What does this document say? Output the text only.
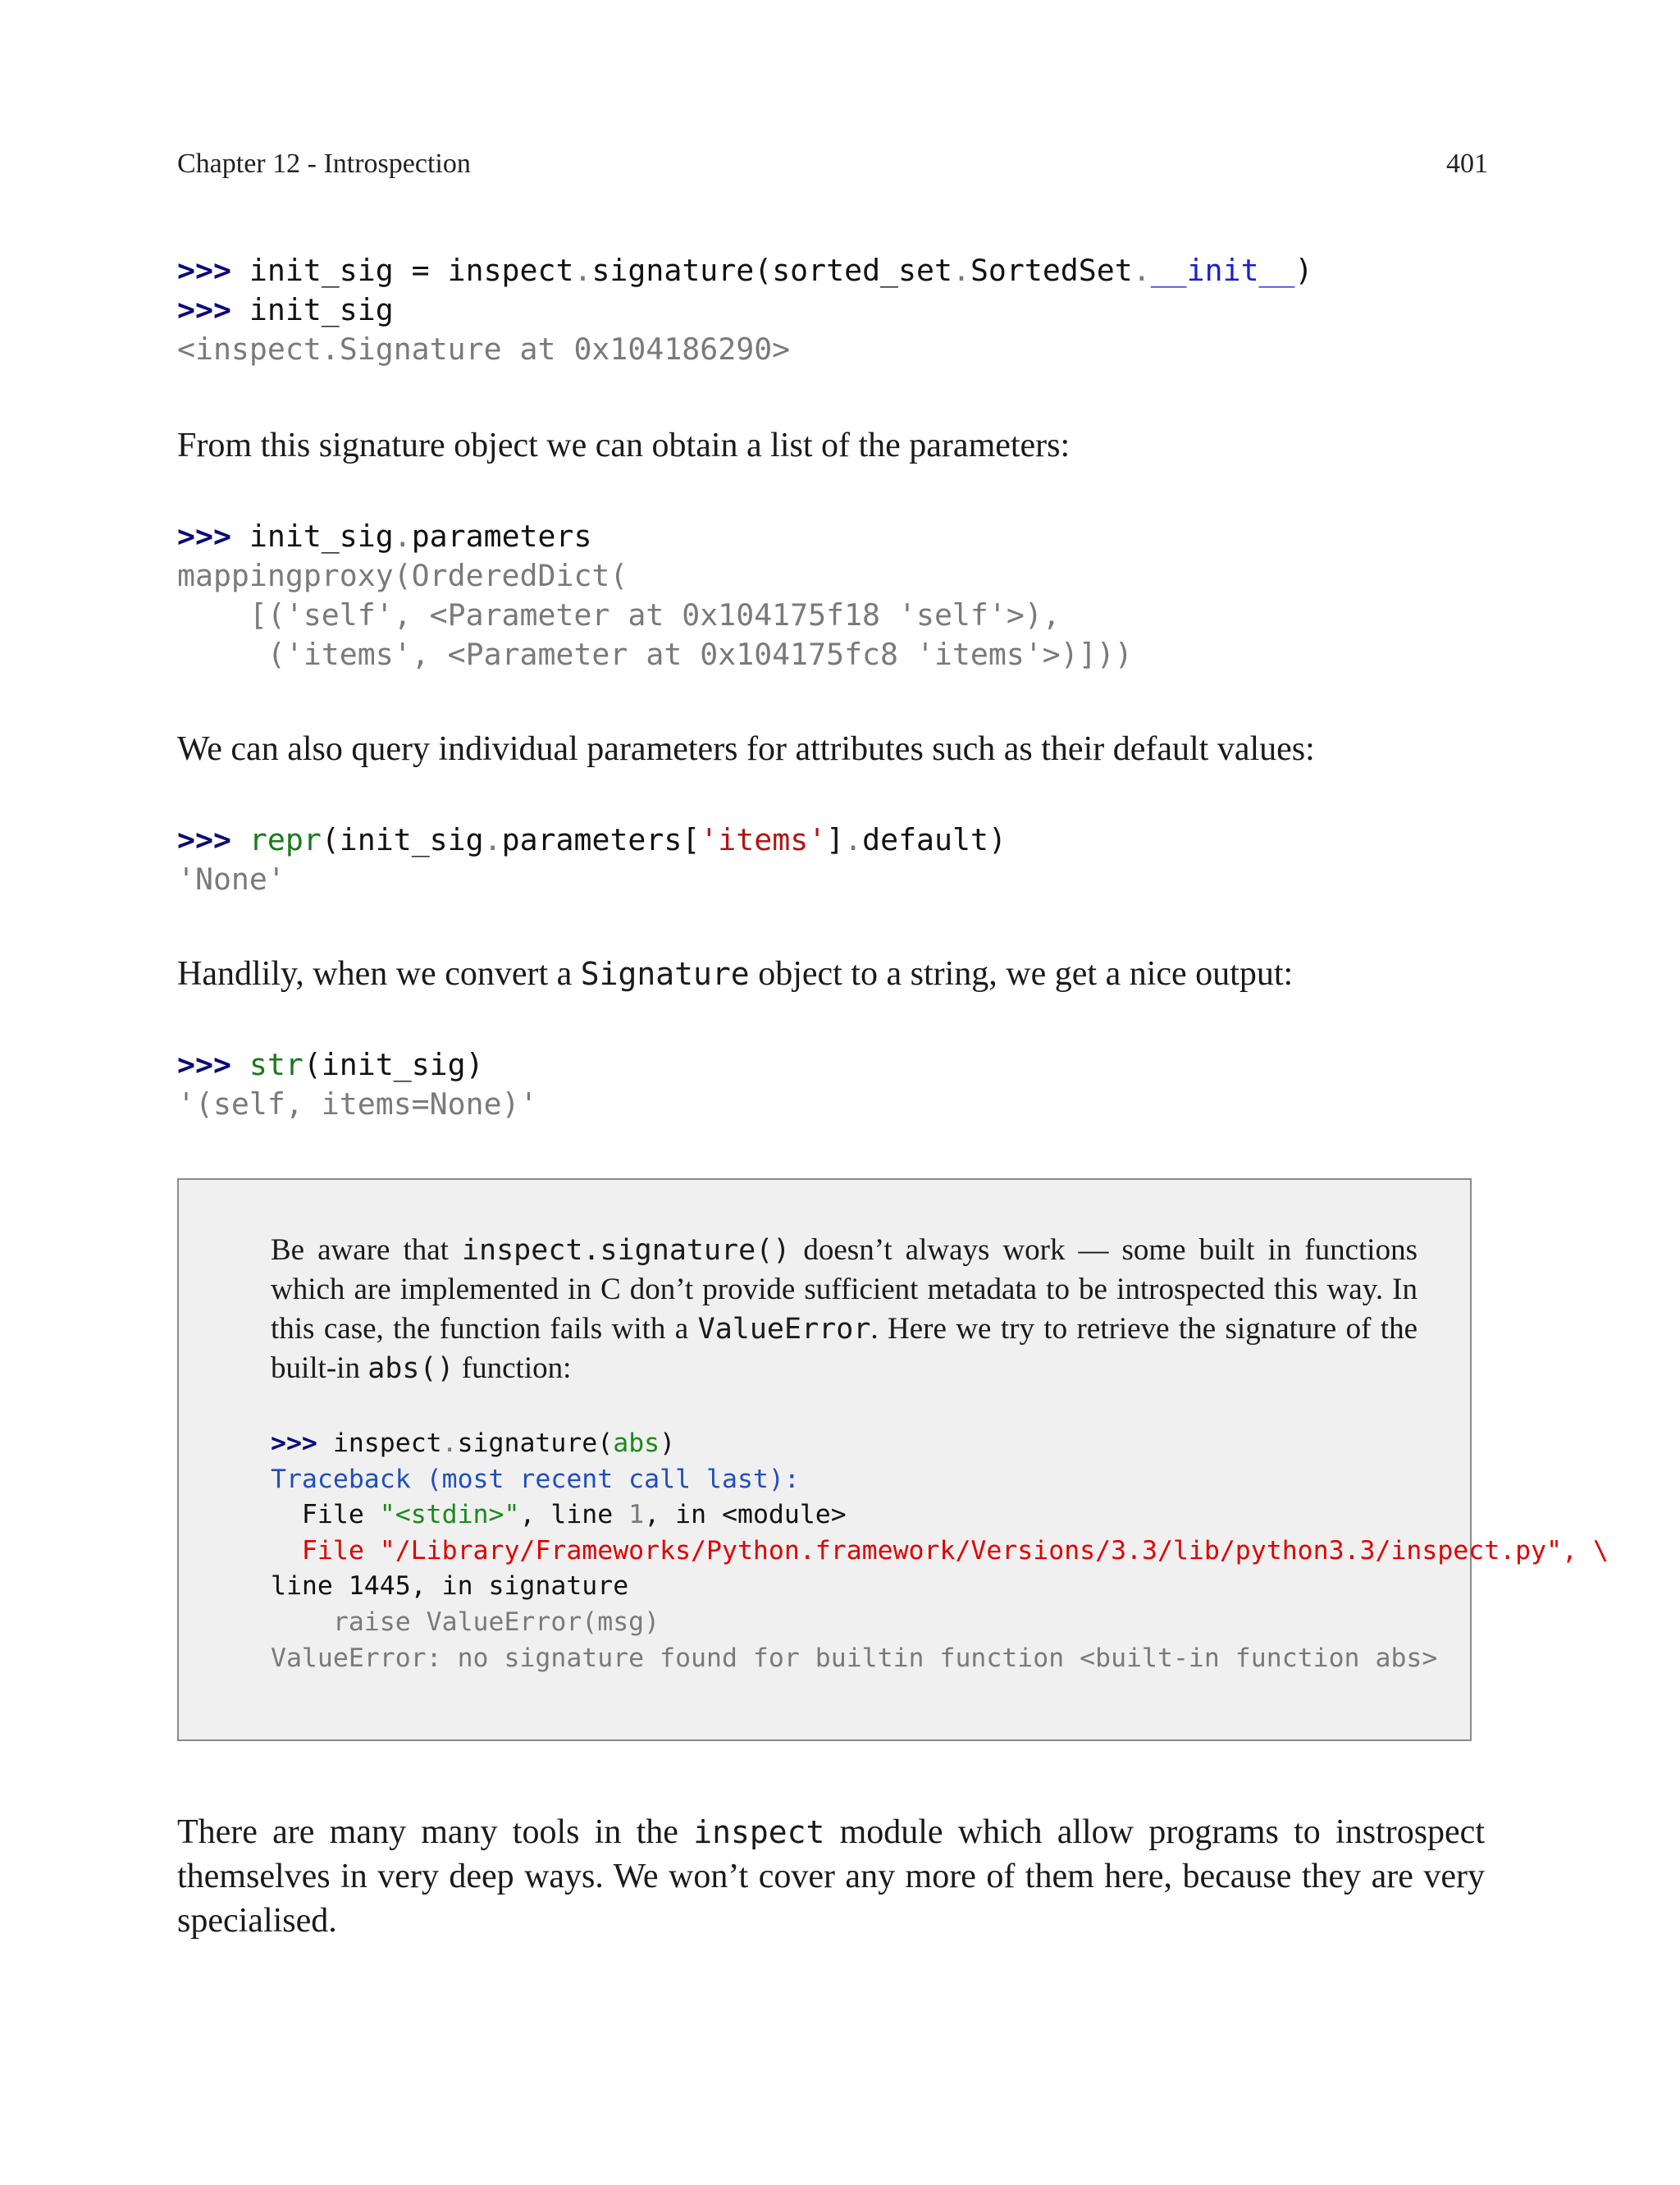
Chapter 12 - Introspection	401
>>> init_sig = inspect.signature(sorted_set.SortedSet.__init__)
>>> init_sig
<inspect.Signature at 0x104186290>

From this signature object we can obtain a list of the parameters:

>>> init_sig.parameters
mappingproxy(OrderedDict(
[('self', <Parameter at 0x104175f18 'self'>),
('items', <Parameter at 0x104175fc8 'items'>)]))

We can also query individual parameters for attributes such as their default values:

>>> repr(init_sig.parameters['items'].default)
'None'

Handlily, when we convert a Signature object to a string, we get a nice output:

>>> str(init_sig)
'(self, items=None)'

Be aware that inspect.signature() doesn’t always work — some built in functions which are implemented in C don’t provide sufficient metadata to be introspected this way. In this case, the function fails with a ValueError. Here we try to retrieve the signature of the built-in abs() function:

>>> inspect.signature(abs)
Traceback (most recent call last):
File "<stdin>", line 1, in <module>
File "/Library/Frameworks/Python.framework/Versions/3.3/lib/python3.3/inspect.py", \
line 1445, in signature
raise ValueError(msg)
ValueError: no signature found for builtin function <built-in function abs>

There are many many tools in the inspect module which allow programs to instrospect themselves in very deep ways. We won’t cover any more of them here, because they are very specialised.
